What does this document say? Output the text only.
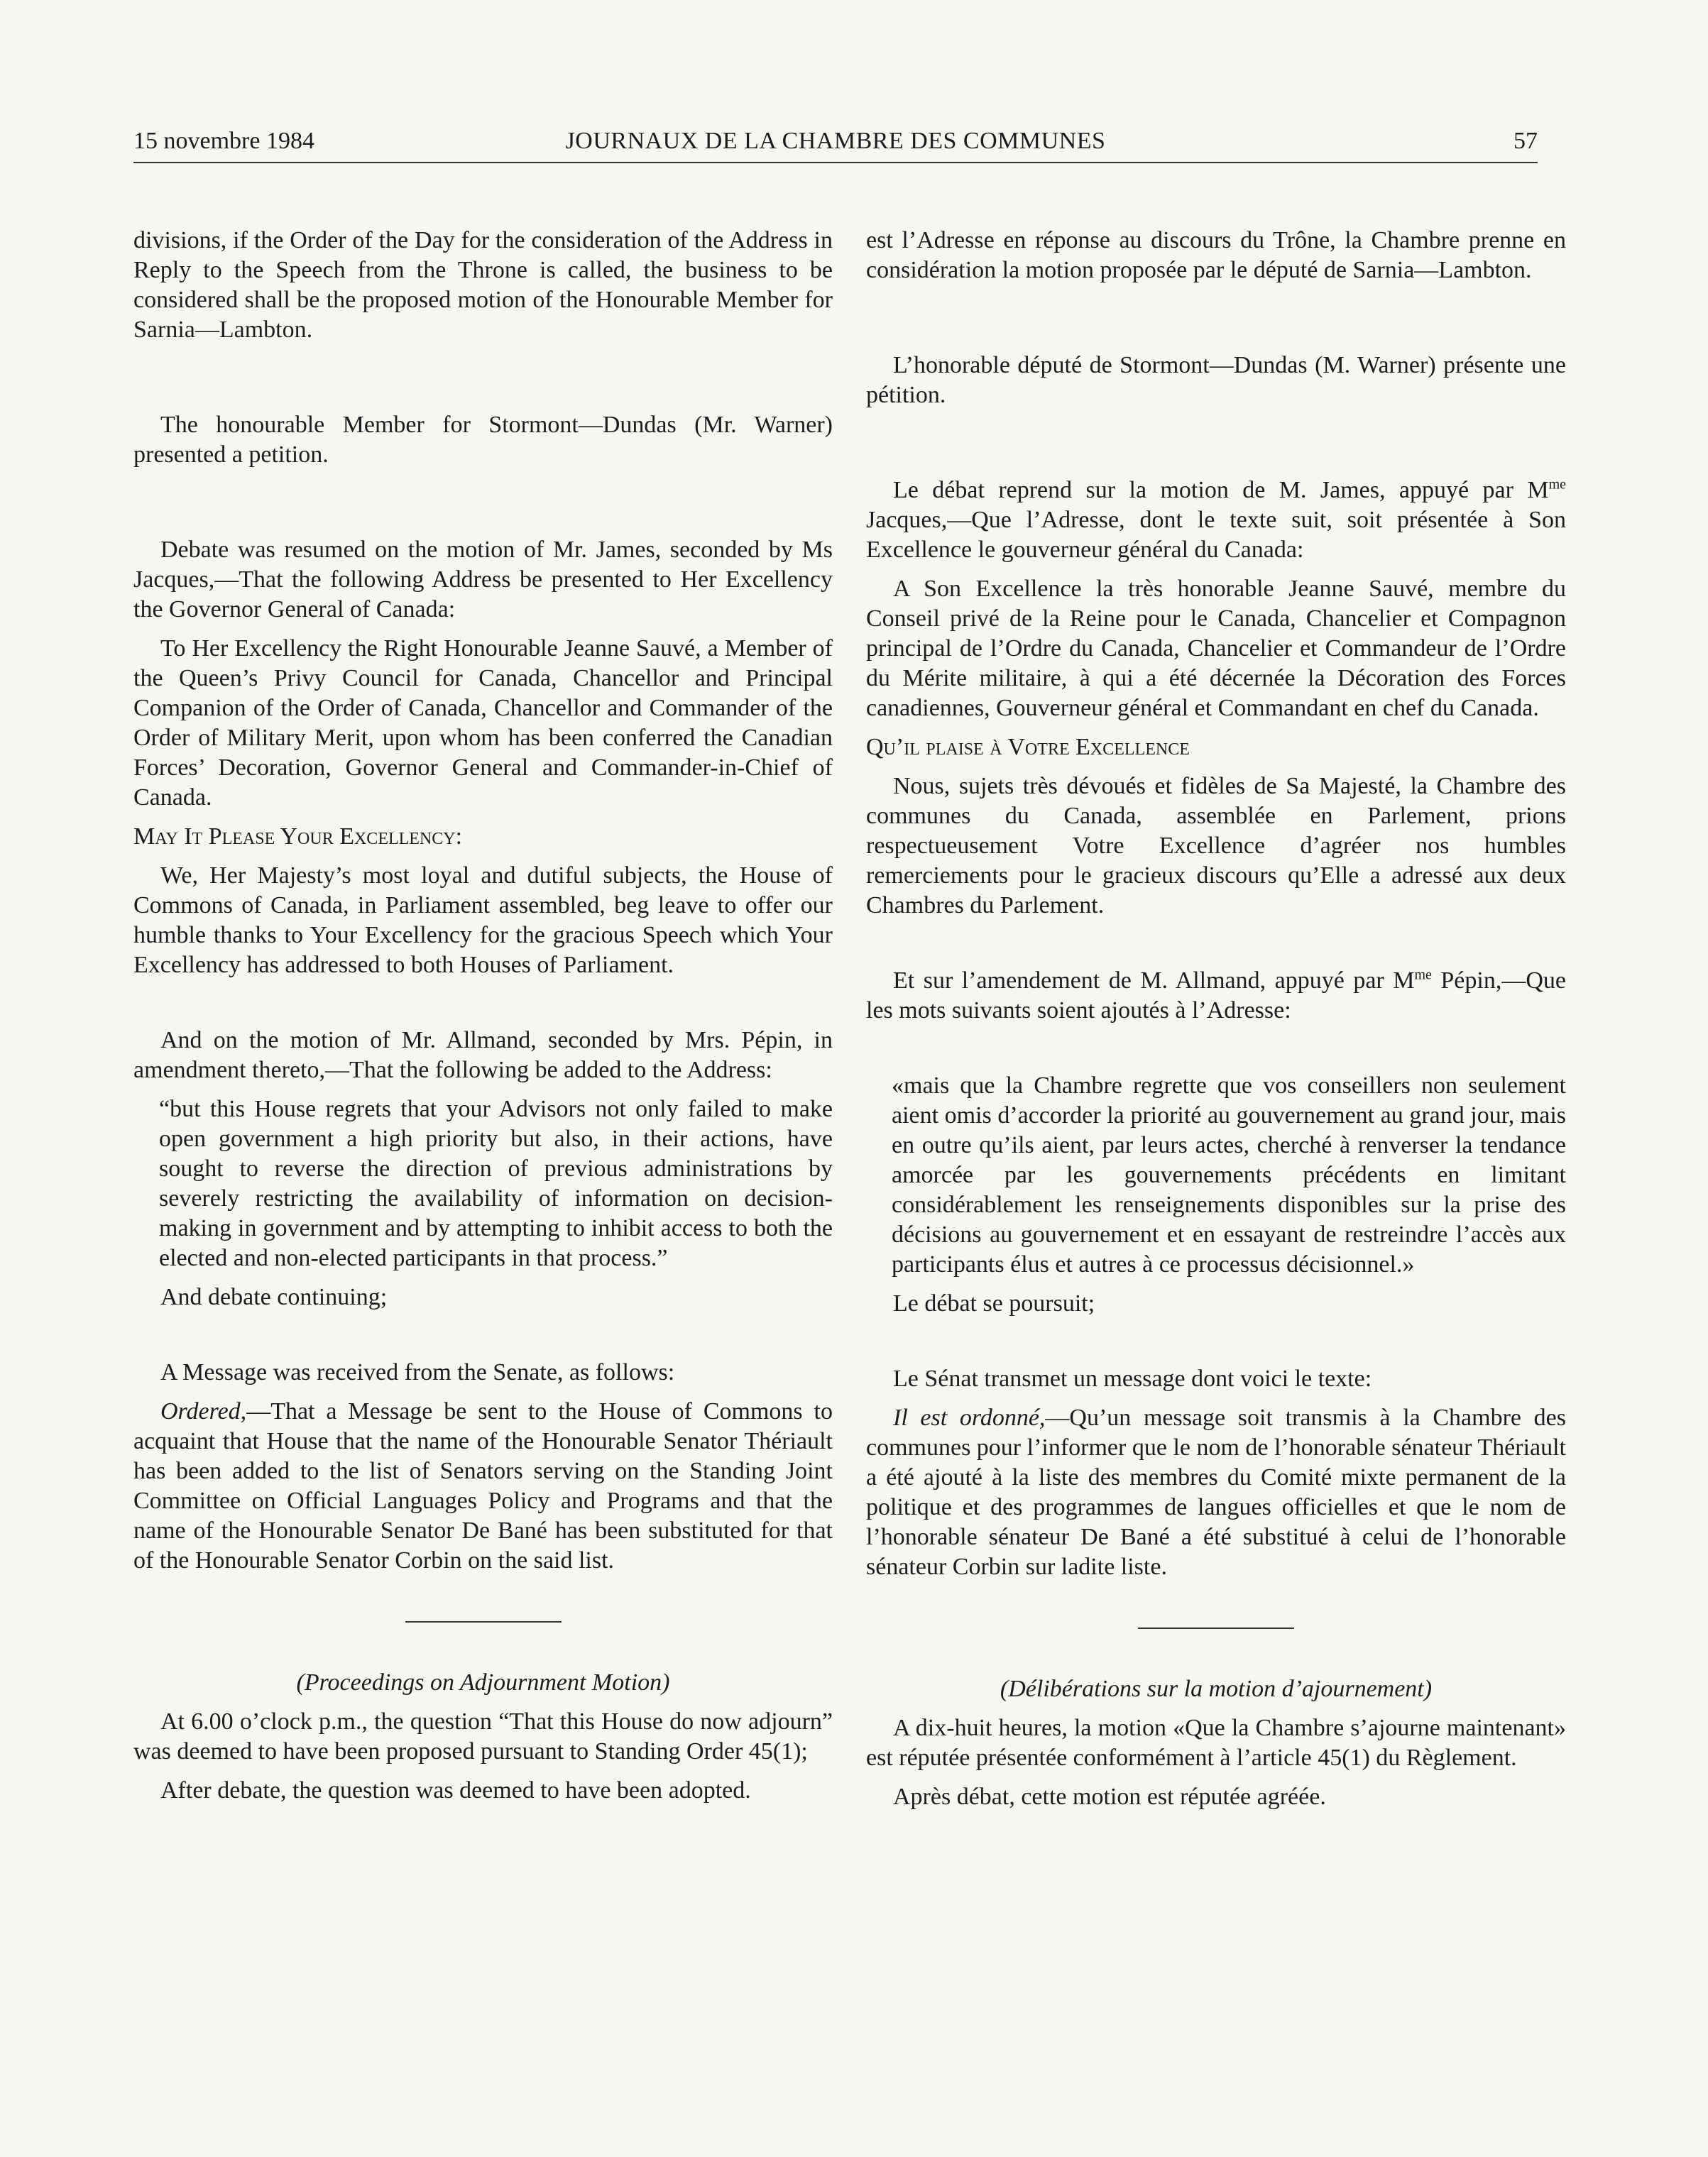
15 novembre 1984	JOURNAUX DE LA CHAMBRE DES COMMUNES	57

divisions, if the Order of the Day for the consideration of the Address in Reply to the Speech from the Throne is called, the business to be considered shall be the proposed motion of the Honourable Member for Sarnia—Lambton.

The honourable Member for Stormont—Dundas (Mr. Warner) presented a petition.

Debate was resumed on the motion of Mr. James, seconded by Ms Jacques,—That the following Address be presented to Her Excellency the Governor General of Canada:

To Her Excellency the Right Honourable Jeanne Sauvé, a Member of the Queen’s Privy Council for Canada, Chancellor and Principal Companion of the Order of Canada, Chancellor and Commander of the Order of Military Merit, upon whom has been conferred the Canadian Forces’ Decoration, Governor General and Commander-in-Chief of Canada.

May It Please Your Excellency:

We, Her Majesty’s most loyal and dutiful subjects, the House of Commons of Canada, in Parliament assembled, beg leave to offer our humble thanks to Your Excellency for the gracious Speech which Your Excellency has addressed to both Houses of Parliament.

And on the motion of Mr. Allmand, seconded by Mrs. Pépin, in amendment thereto,—That the following be added to the Address:

“but this House regrets that your Advisors not only failed to make open government a high priority but also, in their actions, have sought to reverse the direction of previous administrations by severely restricting the availability of information on decision-making in government and by attempting to inhibit access to both the elected and non-elected participants in that process.”

And debate continuing;

A Message was received from the Senate, as follows:

Ordered,—That a Message be sent to the House of Commons to acquaint that House that the name of the Honourable Senator Thériault has been added to the list of Senators serving on the Standing Joint Committee on Official Languages Policy and Programs and that the name of the Honourable Senator De Bané has been substituted for that of the Honourable Senator Corbin on the said list.

(Proceedings on Adjournment Motion)

At 6.00 o’clock p.m., the question “That this House do now adjourn” was deemed to have been proposed pursuant to Standing Order 45(1);

After debate, the question was deemed to have been adopted.

est l’Adresse en réponse au discours du Trône, la Chambre prenne en considération la motion proposée par le député de Sarnia—Lambton.

L’honorable député de Stormont—Dundas (M. Warner) présente une pétition.

Le débat reprend sur la motion de M. James, appuyé par $M^{me}$ Jacques,—Que l’Adresse, dont le texte suit, soit présentée à Son Excellence le gouverneur général du Canada:

A Son Excellence la très honorable Jeanne Sauvé, membre du Conseil privé de la Reine pour le Canada, Chancelier et Compagnon principal de l’Ordre du Canada, Chancelier et Commandeur de l’Ordre du Mérite militaire, à qui a été décernée la Décoration des Forces canadiennes, Gouverneur général et Commandant en chef du Canada.

Qu’il plaise à Votre Excellence

Nous, sujets très dévoués et fidèles de Sa Majesté, la Chambre des communes du Canada, assemblée en Parlement, prions respectueusement Votre Excellence d’agréer nos humbles remerciements pour le gracieux discours qu’Elle a adressé aux deux Chambres du Parlement.

Et sur l’amendement de M. Allmand, appuyé par $M^{me}$ Pépin,—Que les mots suivants soient ajoutés à l’Adresse:

«mais que la Chambre regrette que vos conseillers non seulement aient omis d’accorder la priorité au gouvernement au grand jour, mais en outre qu’ils aient, par leurs actes, cherché à renverser la tendance amorcée par les gouvernements précédents en limitant considérablement les renseignements disponibles sur la prise des décisions au gouvernement et en essayant de restreindre l’accès aux participants élus et autres à ce processus décisionnel.»

Le débat se poursuit;

Le Sénat transmet un message dont voici le texte:

Il est ordonné,—Qu’un message soit transmis à la Chambre des communes pour l’informer que le nom de l’honorable sénateur Thériault a été ajouté à la liste des membres du Comité mixte permanent de la politique et des programmes de langues officielles et que le nom de l’honorable sénateur De Bané a été substitué à celui de l’honorable sénateur Corbin sur ladite liste.

(Délibérations sur la motion d’ajournement)

A dix-huit heures, la motion «Que la Chambre s’ajourne maintenant» est réputée présentée conformément à l’article 45(1) du Règlement.

Après débat, cette motion est réputée agréée.
